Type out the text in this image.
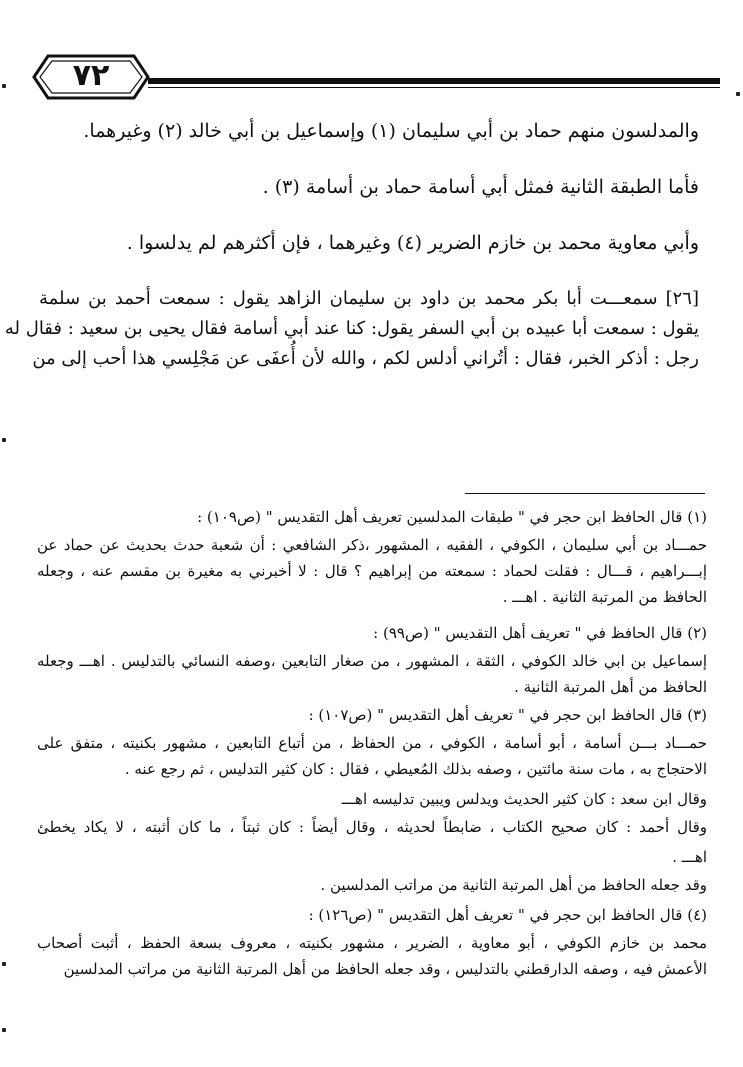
٧٢
والمدلسون منهم حماد بن أبي سليمان (١) وإسماعيل بن أبي خالد (٢) وغيرهما.
فأما الطبقة الثانية فمثل أبي أسامة حماد بن أسامة (٣) .
وأبي معاوية محمد بن خازم الضرير (٤) وغيرهما ، فإن أكثرهم لم يدلسوا .
[٢٦] سمعـــت أبا بكر محمد بن داود بن سليمان الزاهد يقول : سمعت أحمد بن سلمة
يقول : سمعت أبا عبيده بن أبي السفر يقول: كنا عند أبي أسامة فقال يحيى بن سعيد : فقال له
رجل : أذكر الخبر، فقال : أتُراني أدلس لكم ، والله لأن أُعفَى عن مَجْلِسي هذا أحب إلى من
(١) قال الحافظ ابن حجر في " طبقات المدلسين تعريف أهل التقديس " (ص١٠٩) :
حمـــاد بن أبي سليمان ، الكوفي ، الفقيه ، المشهور ،ذكر الشافعي : أن شعبة حدث بحديث عن حماد عن
إبـــراهيم ، قـــال : فقلت لحماد : سمعته من إبراهيم ؟ قال : لا أخبرني به مغيرة بن مقسم عنه ، وجعله
الحافظ من المرتبة الثانية . اهـــ .
(٢) قال الحافظ في " تعريف أهل التقديس " (ص٩٩) :
إسماعيل بن ابي خالد الكوفي ، الثقة ، المشهور ، من صغار التابعين ،وصفه النسائي بالتدليس . اهـــ وجعله
الحافظ من أهل المرتبة الثانية .
(٣) قال الحافظ ابن حجر في " تعريف أهل التقديس " (ص١٠٧) :
حمـــاد بـــن أسامة ، أبو أسامة ، الكوفي ، من الحفاظ ، من أتباع التابعين ، مشهور بكنيته ، متفق على
الاحتجاج به ، مات سنة مائتين ، وصفه بذلك المُعيطي ، فقال : كان كثير التدليس ، ثم رجع عنه .
وقال ابن سعد : كان كثير الحديث ويدلس ويبين تدليسه اهـــ
وقال أحمد : كان صحيح الكتاب ، ضابطاً لحديثه ، وقال أيضاً : كان ثبتاً ، ما كان أثبته ، لا يكاد يخطئ
اهـــ .
وقد جعله الحافظ من أهل المرتبة الثانية من مراتب المدلسين .
(٤) قال الحافظ ابن حجر في " تعريف أهل التقديس " (ص١٢٦) :
محمد بن خازم الكوفي ، أبو معاوية ، الضرير ، مشهور بكنيته ، معروف بسعة الحفظ ، أثبت أصحاب
الأعمش فيه ، وصفه الدارقطني بالتدليس ، وقد جعله الحافظ من أهل المرتبة الثانية من مراتب المدلسين
